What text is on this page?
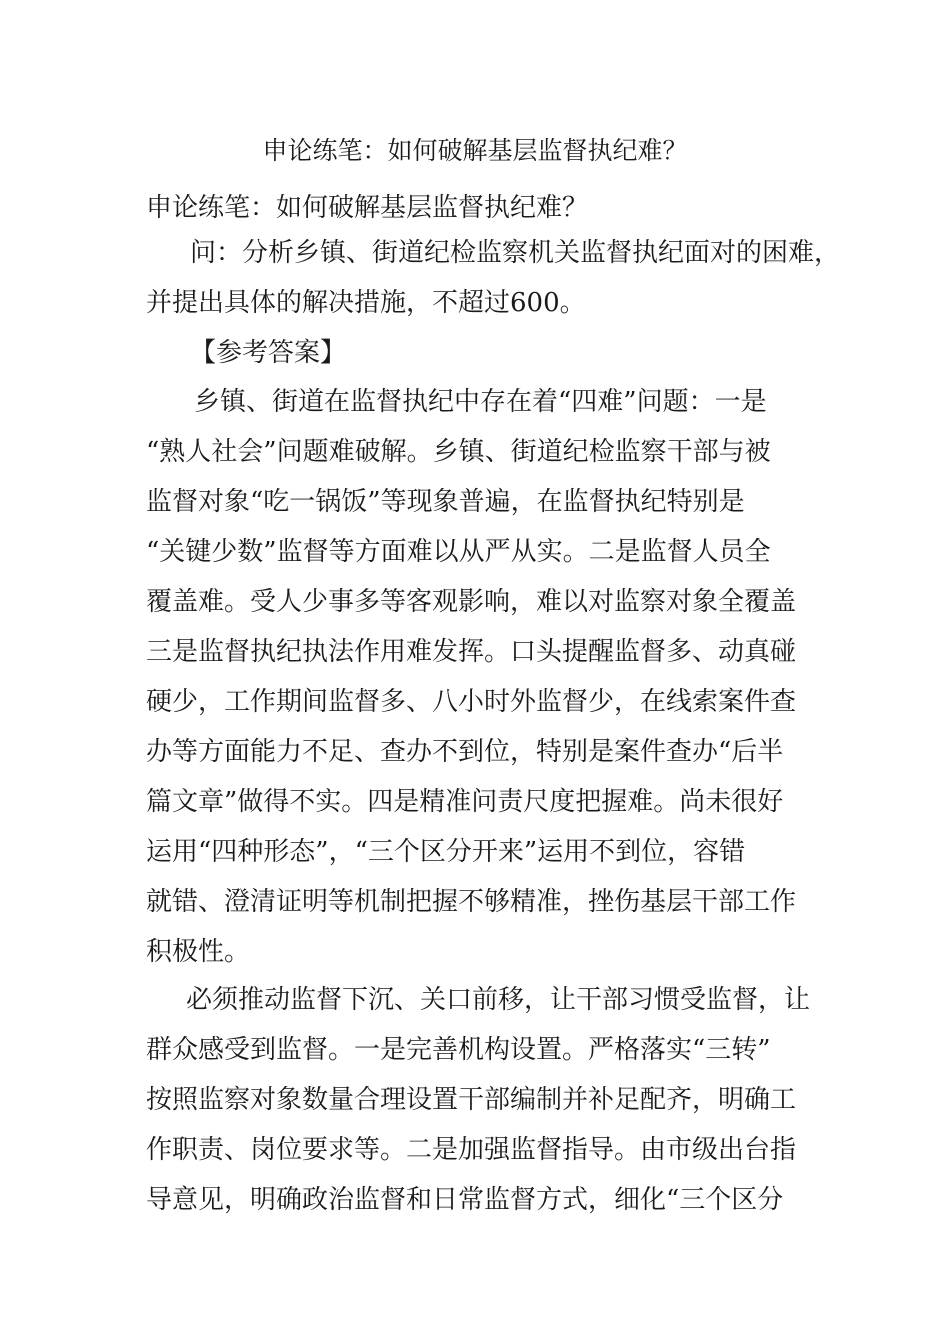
申论练笔：如何破解基层监督执纪难？
申论练笔：如何破解基层监督执纪难？
问：分析乡镇、街道纪检监察机关监督执纪面对的困难，
并提出具体的解决措施，不超过600。
【参考答案】
乡镇、街道在监督执纪中存在着“四难”问题：一是
“熟人社会”问题难破解。乡镇、街道纪检监察干部与被
监督对象“吃一锅饭”等现象普遍，在监督执纪特别是
“关键少数”监督等方面难以从严从实。二是监督人员全
覆盖难。受人少事多等客观影响，难以对监察对象全覆盖
三是监督执纪执法作用难发挥。口头提醒监督多、动真碰
硬少，工作期间监督多、八小时外监督少，在线索案件查
办等方面能力不足、查办不到位，特别是案件查办“后半
篇文章”做得不实。四是精准问责尺度把握难。尚未很好
运用“四种形态”，“三个区分开来”运用不到位，容错
就错、澄清证明等机制把握不够精准，挫伤基层干部工作
积极性。
必须推动监督下沉、关口前移，让干部习惯受监督，让
群众感受到监督。一是完善机构设置。严格落实“三转”
按照监察对象数量合理设置干部编制并补足配齐，明确工
作职责、岗位要求等。二是加强监督指导。由市级出台指
导意见，明确政治监督和日常监督方式，细化“三个区分
